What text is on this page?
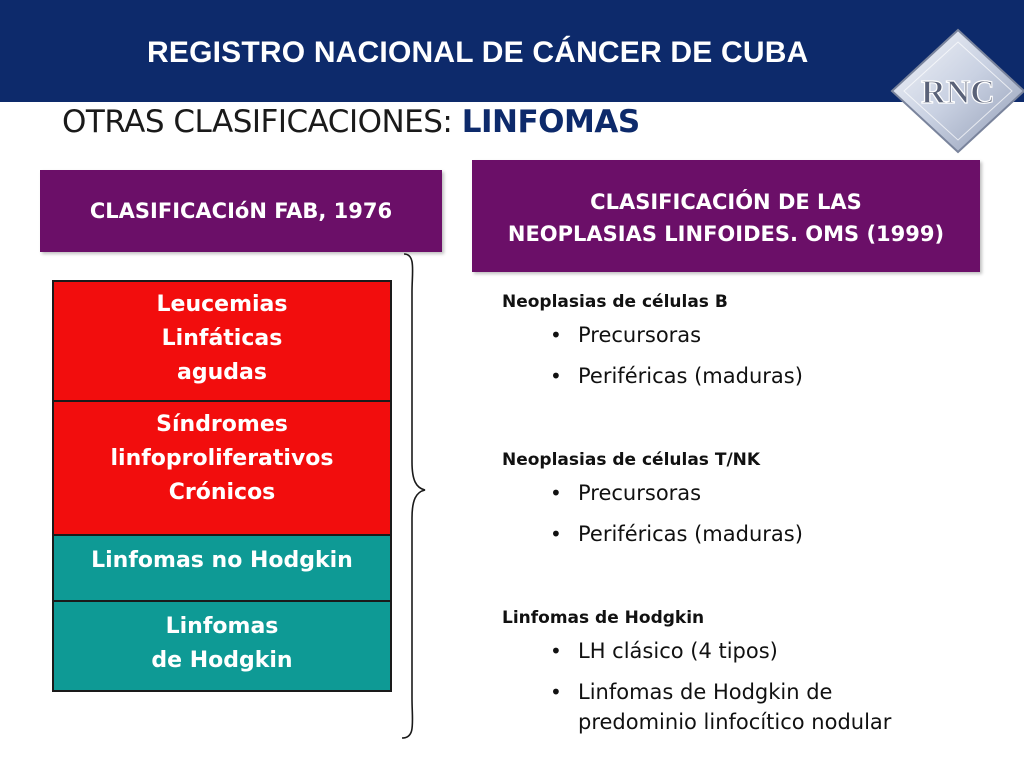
REGISTRO NACIONAL DE CÁNCER DE CUBA
RNC
OTRAS CLASIFICACIONES: LINFOMAS
CLASIFICACIóN FAB, 1976	CLASIFICACIÓN DE LAS
NEOPLASIAS LINFOIDES. OMS (1999)
Leucemias
Linfáticas
agudas
Síndromes
linfoproliferativos
Crónicos
Linfomas no Hodgkin
Linfomas
de Hodgkin
Neoplasias de células B
• Precursoras
• Periféricas (maduras)
Neoplasias de células T/NK
• Precursoras
• Periféricas (maduras)
Linfomas de Hodgkin
• LH clásico (4 tipos)
• Linfomas de Hodgkin de
predominio linfocítico nodular
